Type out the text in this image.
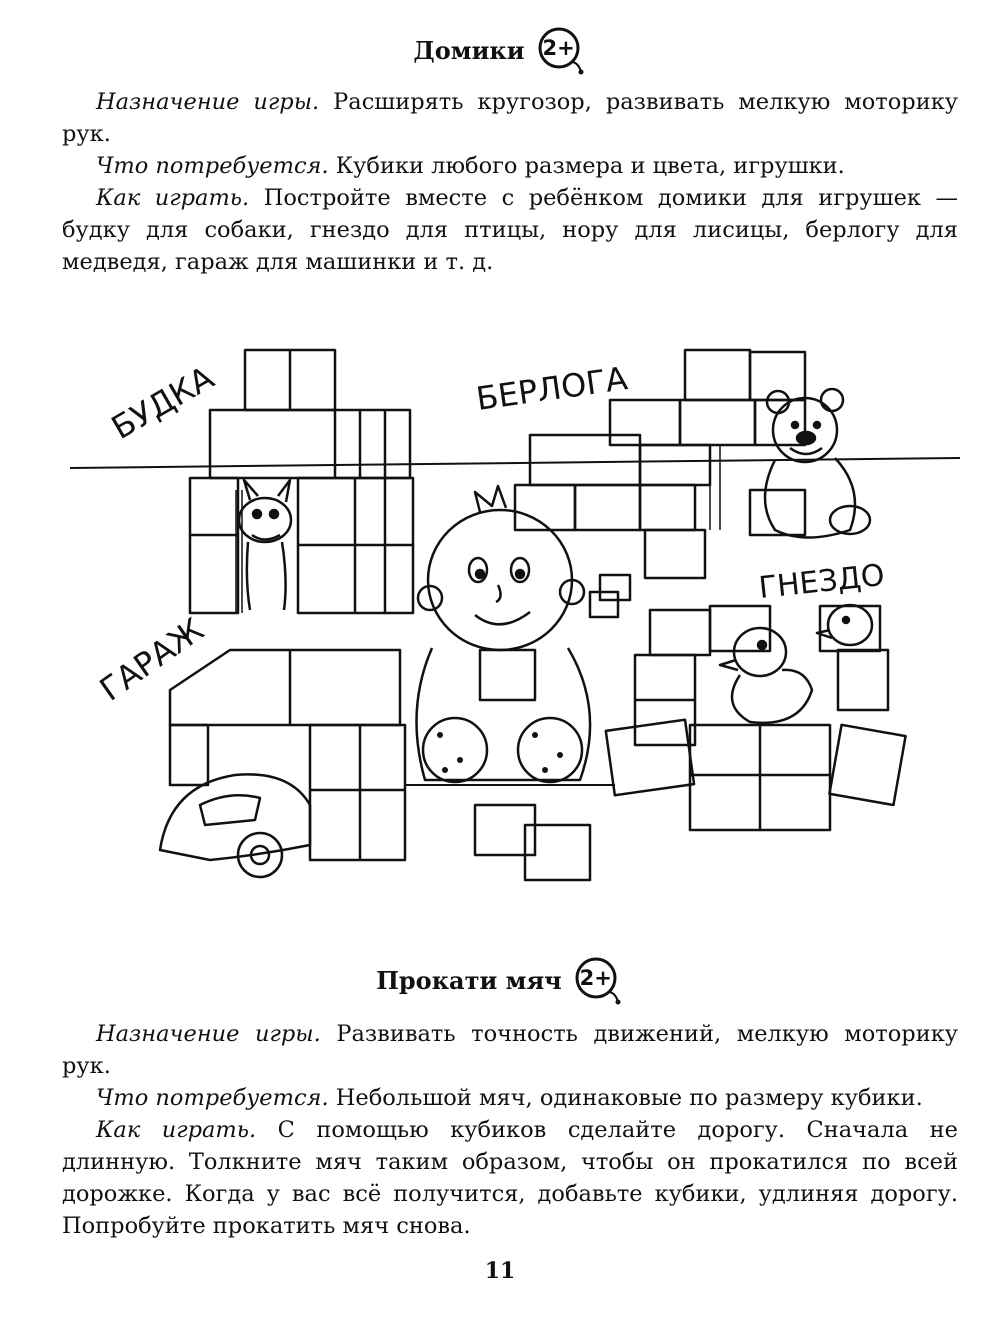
Домики 2+

Назначение игры. Расширять кругозор, развивать мелкую моторику рук.

Что потребуется. Кубики любого размера и цвета, игрушки.

Как играть. Постройте вместе с ребёнком домики для игрушек — будку для собаки, гнездо для птицы, нору для лисицы, берлогу для медведя, гараж для машинки и т. д.

БУДКА	БЕРЛОГА
ГАРАЖ
ГНЕЗДО
Прокати мяч 2+

Назначение игры. Развивать точность движений, мелкую моторику рук.

Что потребуется. Небольшой мяч, одинаковые по размеру кубики.

Как играть. С помощью кубиков сделайте дорогу. Сначала не длинную. Толкните мяч таким образом, чтобы он прокатился по всей дорожке. Когда у вас всё получится, добавьте кубики, удлиняя дорогу. Попробуйте прокатить мяч снова.

11
